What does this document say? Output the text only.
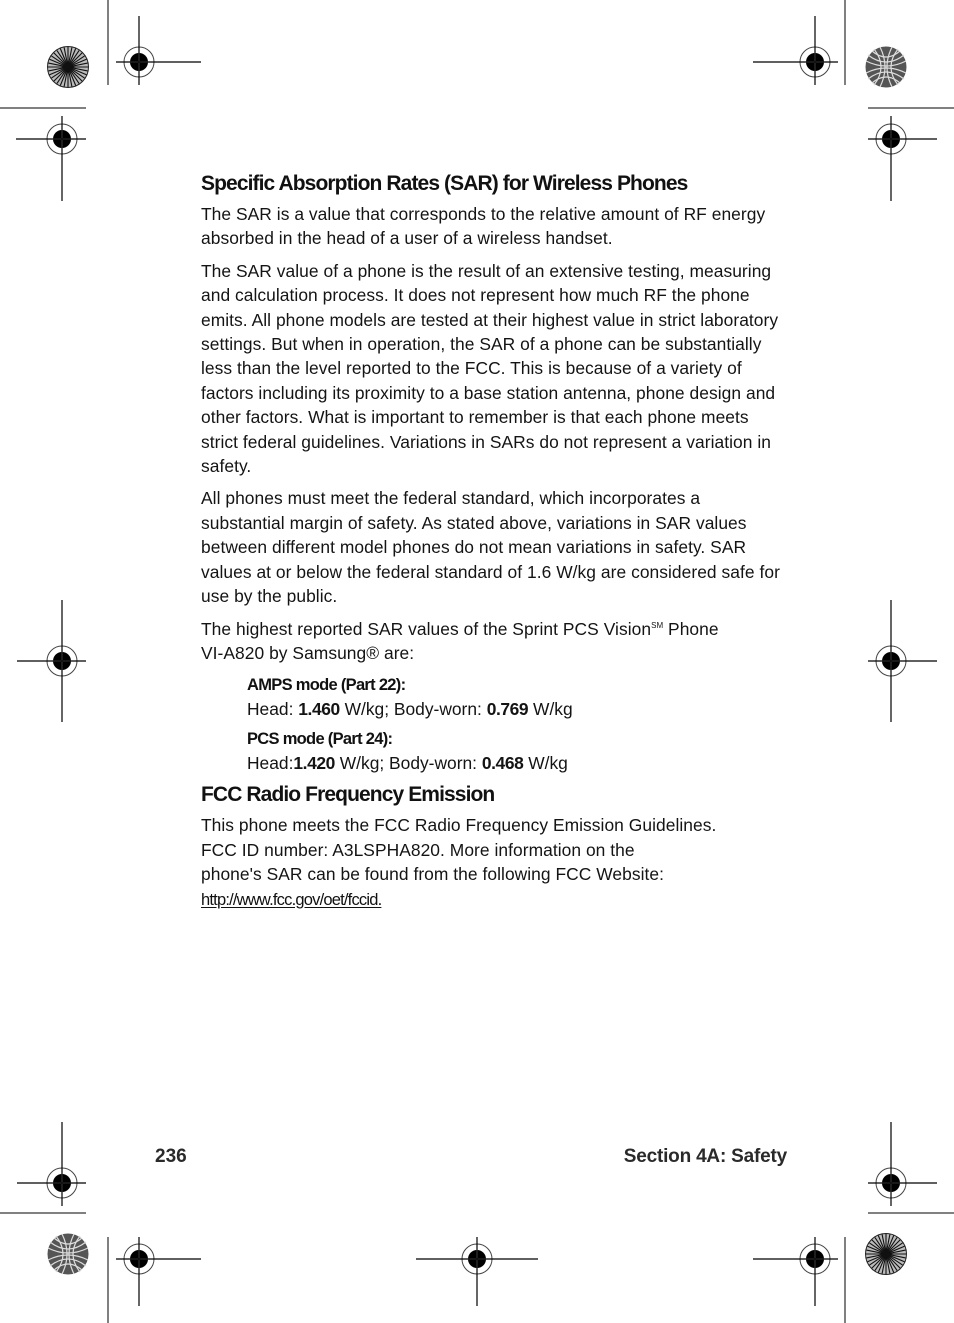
Specific Absorption Rates (SAR) for Wireless Phones

The SAR is a value that corresponds to the relative amount of RF energy absorbed in the head of a user of a wireless handset.

The SAR value of a phone is the result of an extensive testing, measuring and calculation process. It does not represent how much RF the phone emits. All phone models are tested at their highest value in strict laboratory settings. But when in operation, the SAR of a phone can be substantially less than the level reported to the FCC. This is because of a variety of factors including its proximity to a base station antenna, phone design and other factors. What is important to remember is that each phone meets strict federal guidelines. Variations in SARs do not represent a variation in safety.

All phones must meet the federal standard, which incorporates a substantial margin of safety. As stated above, variations in SAR values between different model phones do not mean variations in safety. SAR values at or below the federal standard of 1.6 W/kg are considered safe for use by the public.

The highest reported SAR values of the Sprint PCS Vision℠ Phone
VI-A820 by Samsung® are:

AMPS mode (Part 22):
Head: 1.460 W/kg; Body-worn: 0.769 W/kg
PCS mode (Part 24):
Head:1.420 W/kg; Body-worn: 0.468 W/kg
FCC Radio Frequency Emission

This phone meets the FCC Radio Frequency Emission Guidelines.
FCC ID number: A3LSPHA820. More information on the
phone's SAR can be found from the following FCC Website:
http://www.fcc.gov/oet/fccid.

236	Section 4A: Safety
